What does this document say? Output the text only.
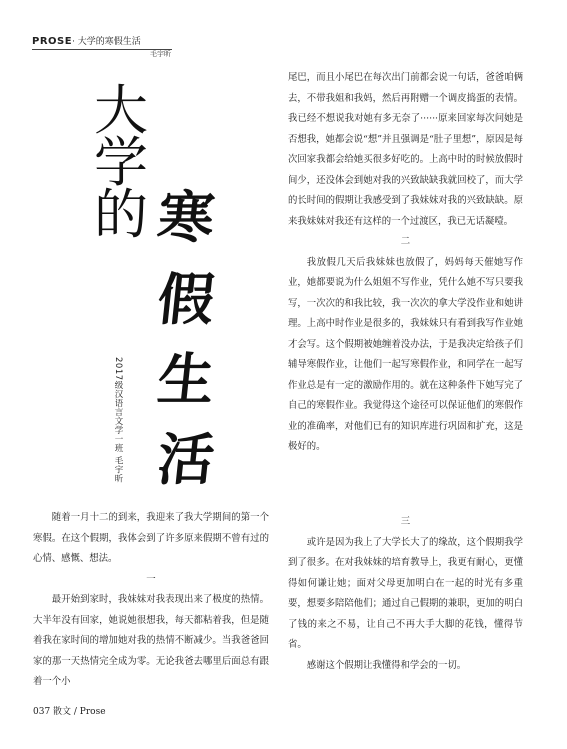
PROSE· 大学的寒假生活
毛宇昕
大
学
的 寒
假
生
活
2017级汉语言文学一班 毛宇昕

随着一月十二的到来，我迎来了我大学期间的第一个寒假。在这个假期，我体会到了许多原来假期不曾有过的心情、感慨、想法。

一

最开始到家时，我妹妹对我表现出来了极度的热情。大半年没有回家，她说她很想我，每天都粘着我，但是随着我在家时间的增加她对我的热情不断减少。当我爸爸回家的那一天热情完全成为零。无论我爸去哪里后面总有跟着一个小

尾巴，而且小尾巴在每次出门前都会说一句话，爸爸咱俩去，不带我姐和我妈，然后再附赠一个调皮捣蛋的表情。我已经不想说我对她有多无奈了······原来回家每次问她是否想我，她都会说“想”并且强调是“肚子里想”，原因是每次回家我都会给她买很多好吃的。上高中时的时候放假时间少，还没体会到她对我的兴致缺缺我就回校了，而大学的长时间的假期让我感受到了我妹妹对我的兴致缺缺。原来我妹妹对我还有这样的一个过渡区，我已无话凝噎。

二

我放假几天后我妹妹也放假了，妈妈每天催她写作业，她都要说为什么姐姐不写作业，凭什么她不写只要我写，一次次的和我比较，我一次次的拿大学没作业和她讲理。上高中时作业是很多的，我妹妹只有看到我写作业她才会写。这个假期被她缠着没办法，于是我决定给孩子们辅导寒假作业，让他们一起写寒假作业，和同学在一起写作业总是有一定的激励作用的。就在这种条件下她写完了自己的寒假作业。我觉得这个途径可以保证他们的寒假作业的准确率，对他们已有的知识库进行巩固和扩充，这是极好的。

三

或许是因为我上了大学长大了的缘故，这个假期我学到了很多。在对我妹妹的培育教导上，我更有耐心，更懂得如何谦让她；面对父母更加明白在一起的时光有多重要，想要多陪陪他们；通过自己假期的兼职，更加的明白了钱的来之不易，让自己不再大手大脚的花钱，懂得节省。

感谢这个假期让我懂得和学会的一切。

037 散文 / Prose
